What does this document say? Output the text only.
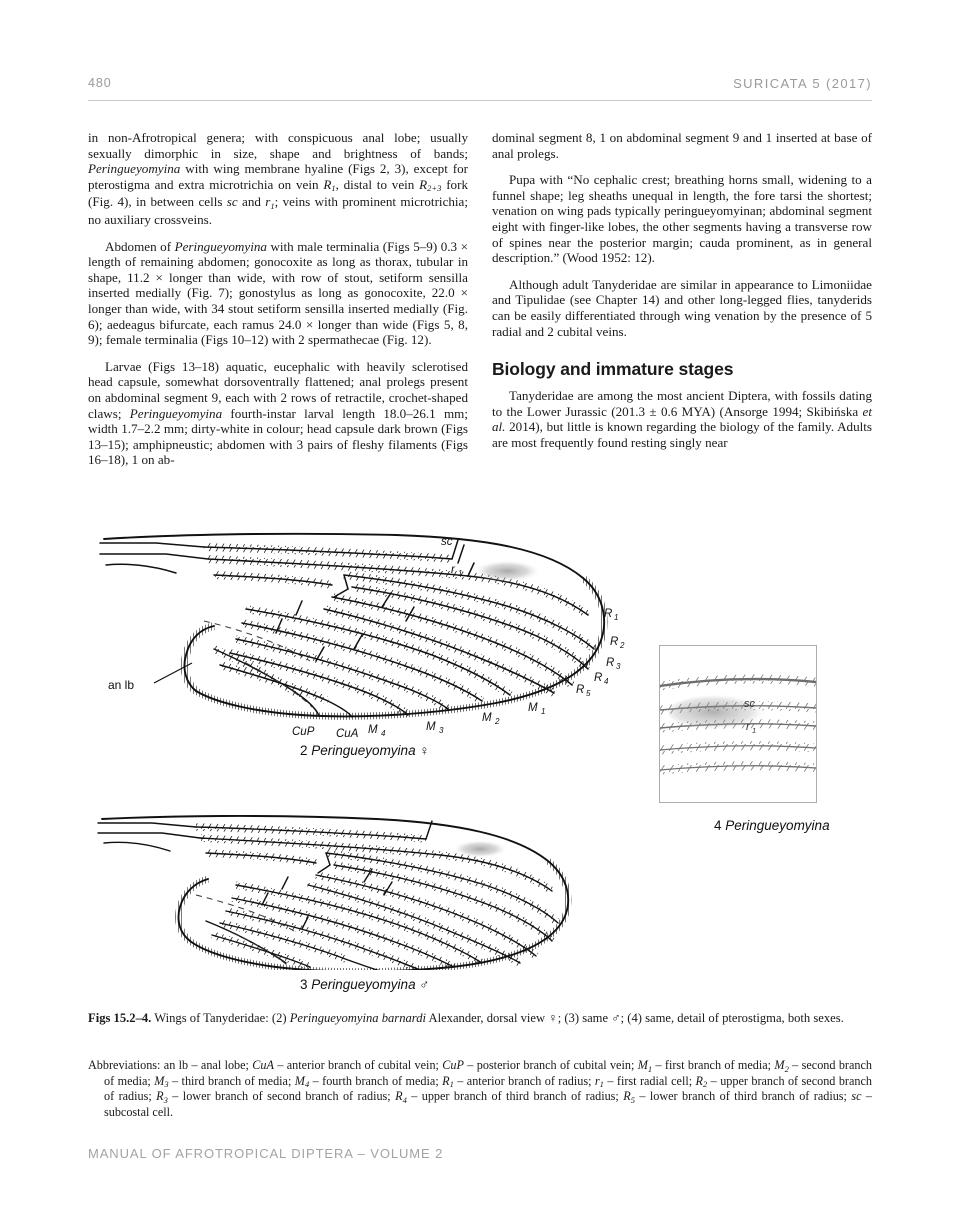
480	SURICATA 5 (2017)

in non-Afrotropical genera; with conspicuous anal lobe; usually sexually dimorphic in size, shape and brightness of bands; Peringueyomyina with wing membrane hyaline (Figs 2, 3), except for pterostigma and extra microtrichia on vein $R_1$, distal to vein $R_{2+3}$ fork (Fig. 4), in between cells sc and $r_1$; veins with prominent microtrichia; no auxiliary crossveins.

Abdomen of Peringueyomyina with male terminalia (Figs 5–9) 0.3 × length of remaining abdomen; gonocoxite as long as thorax, tubular in shape, 11.2 × longer than wide, with row of stout, setiform sensilla inserted medially (Fig. 7); gonostylus as long as gonocoxite, 22.0 × longer than wide, with 34 stout setiform sensilla inserted medially (Fig. 6); aedeagus bifurcate, each ramus 24.0 × longer than wide (Figs 5, 8, 9); female terminalia (Figs 10–12) with 2 spermathecae (Fig. 12).

Larvae (Figs 13–18) aquatic, eucephalic with heavily sclerotised head capsule, somewhat dorsoventrally flattened; anal prolegs present on abdominal segment 9, each with 2 rows of retractile, crochet-shaped claws; Peringueyomyina fourth-instar larval length 18.0–26.1 mm; width 1.7–2.2 mm; dirty-white in colour; head capsule dark brown (Figs 13–15); amphipneustic; abdomen with 3 pairs of fleshy filaments (Figs 16–18), 1 on ab-

dominal segment 8, 1 on abdominal segment 9 and 1 inserted at base of anal prolegs.

Pupa with “No cephalic crest; breathing horns small, widening to a funnel shape; leg sheaths unequal in length, the fore tarsi the shortest; venation on wing pads typically peringueyomyinan; abdominal segment eight with finger-like lobes, the other segments having a transverse row of spines near the posterior margin; cauda prominent, as in general description.” (Wood 1952: 12).

Although adult Tanyderidae are similar in appearance to Limoniidae and Tipulidae (see Chapter 14) and other long-legged flies, tanyderids can be easily differentiated through wing venation by the presence of 5 radial and 2 cubital veins.

Biology and immature stages

Tanyderidae are among the most ancient Diptera, with fossils dating to the Lower Jurassic (201.3 ± 0.6 MYA) (Ansorge 1994; Skibińska et al. 2014), but little is known regarding the biology of the family. Adults are most frequently found resting singly near

an lb
sc
r 1
R 1
R 2
R 3
R 4
R 5
M 1
M 2
M 3
M 4
CuP CuA
sc
r 1
2 Peringueyomyina ♀
3 Peringueyomyina ♂
4 Peringueyomyina
Figs 15.2–4. Wings of Tanyderidae: (2) Peringueyomyina barnardi Alexander, dorsal view ♀; (3) same ♂; (4) same, detail of pterostigma, both sexes.
Abbreviations: an lb – anal lobe; CuA – anterior branch of cubital vein; CuP – posterior branch of cubital vein; $M_1$ – first branch of media; $M_2$ – second branch of media; $M_3$ – third branch of media; $M_4$ – fourth branch of media; $R_1$ – anterior branch of radius; $r_1$ – first radial cell; $R_2$ – upper branch of second branch of radius; $R_3$ – lower branch of second branch of radius; $R_4$ – upper branch of third branch of radius; $R_5$ – lower branch of third branch of radius; sc – subcostal cell.
MANUAL OF AFROTROPICAL DIPTERA – VOLUME 2
